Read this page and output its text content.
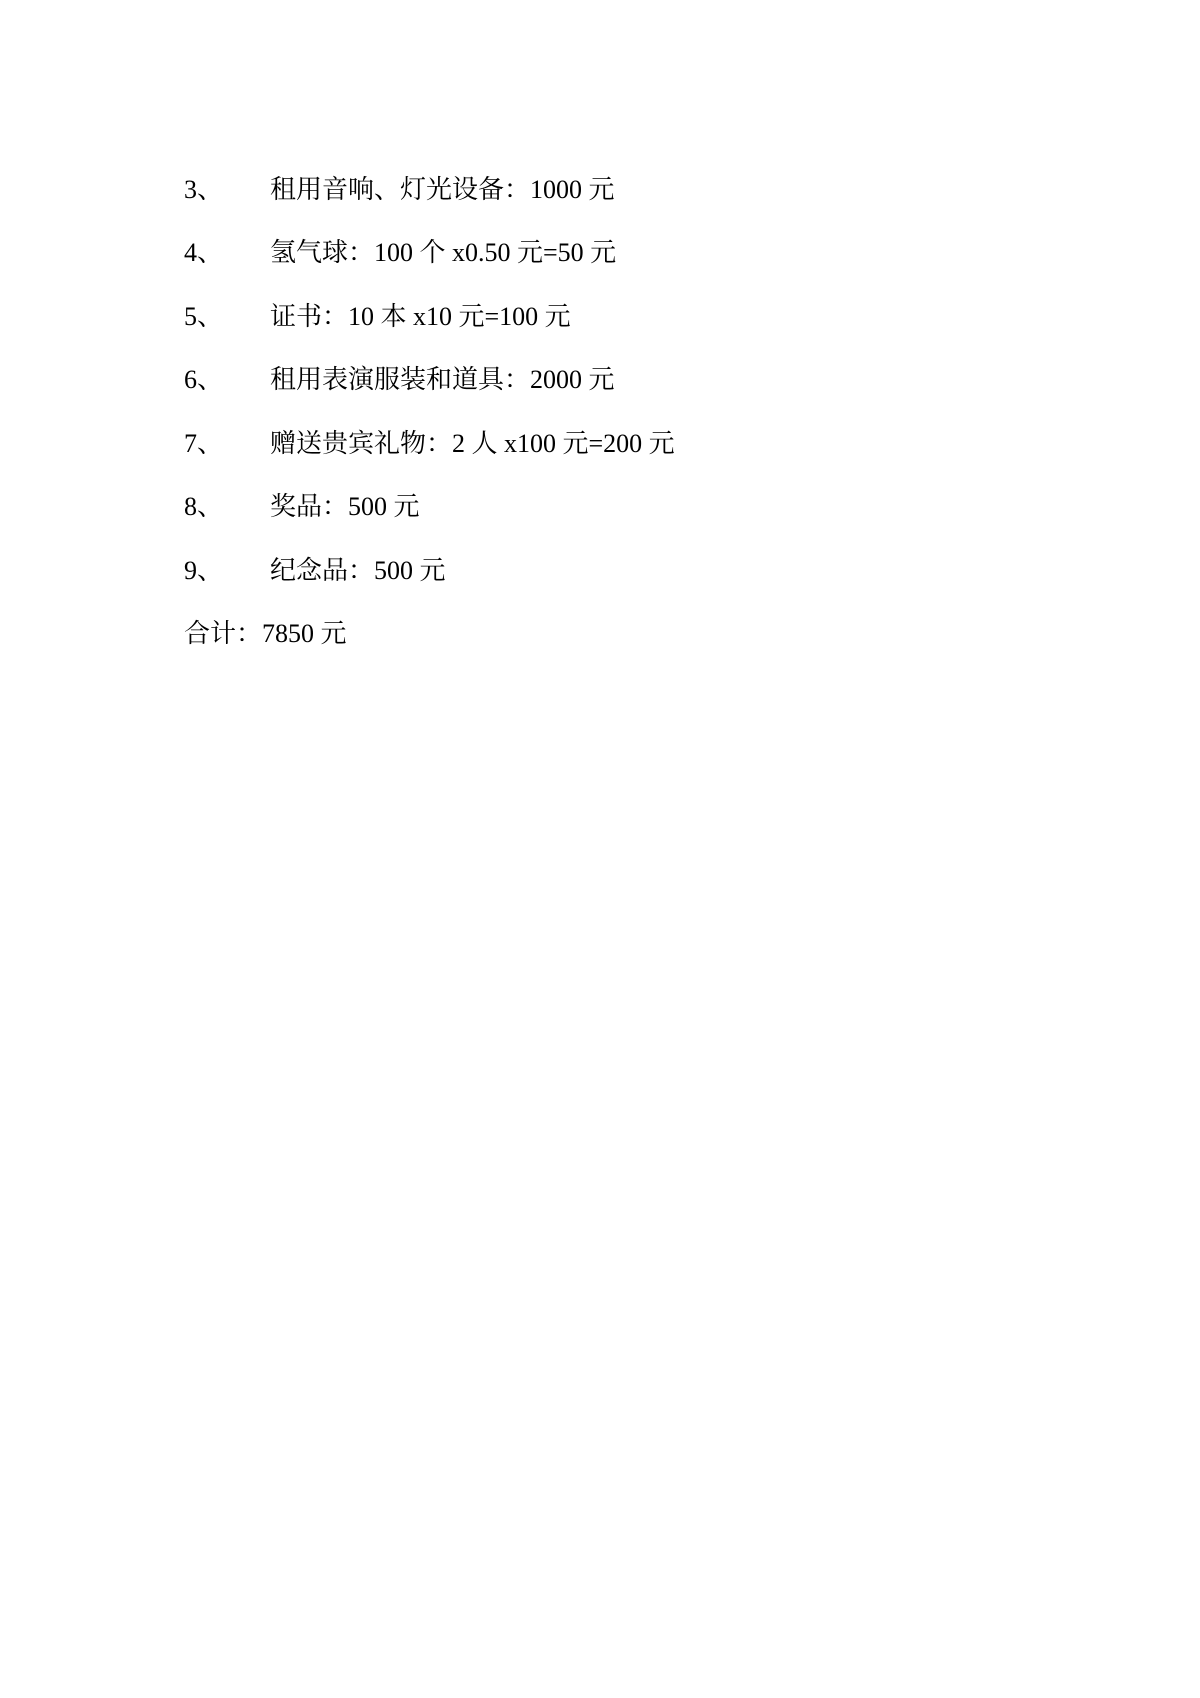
3、	租用音响、灯光设备：1000 元
4、	氢气球：100 个 x0.50 元=50 元
5、	证书：10 本 x10 元=100 元
6、	租用表演服装和道具：2000 元
7、	赠送贵宾礼物：2 人 x100 元=200 元
8、	奖品：500 元
9、	纪念品：500 元
合计：7850 元
